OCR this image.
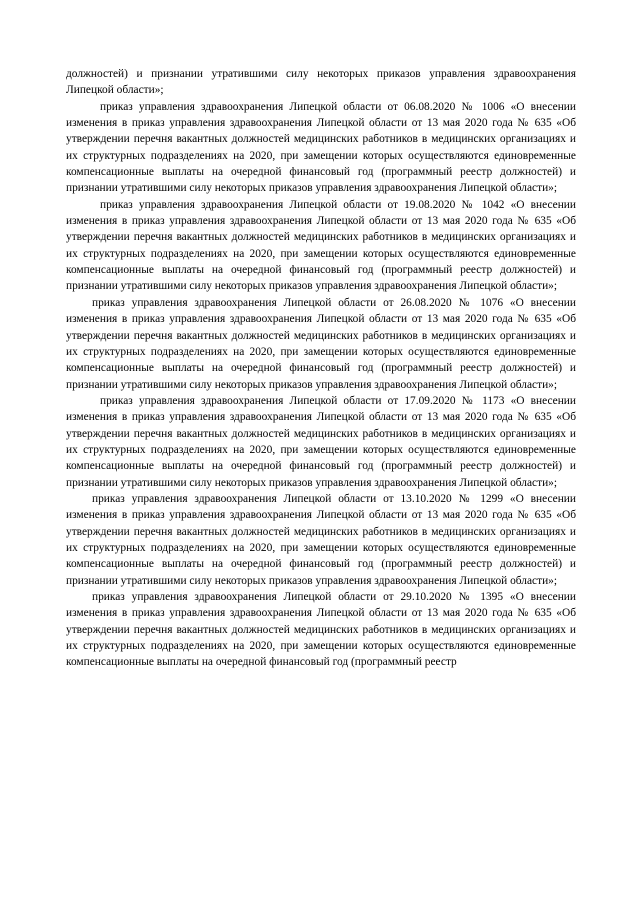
должностей) и признании утратившими силу некоторых приказов управления здравоохранения Липецкой области»;

приказ управления здравоохранения Липецкой области от 06.08.2020 № 1006 «О внесении изменения в приказ управления здравоохранения Липецкой области от 13 мая 2020 года № 635 «Об утверждении перечня вакантных должностей медицинских работников в медицинских организациях и их структурных подразделениях на 2020, при замещении которых осуществляются единовременные компенсационные выплаты на очередной финансовый год (программный реестр должностей) и признании утратившими силу некоторых приказов управления здравоохранения Липецкой области»;

приказ управления здравоохранения Липецкой области от 19.08.2020 № 1042 «О внесении изменения в приказ управления здравоохранения Липецкой области от 13 мая 2020 года № 635 «Об утверждении перечня вакантных должностей медицинских работников в медицинских организациях и их структурных подразделениях на 2020, при замещении которых осуществляются единовременные компенсационные выплаты на очередной финансовый год (программный реестр должностей) и признании утратившими силу некоторых приказов управления здравоохранения Липецкой области»;

приказ управления здравоохранения Липецкой области от 26.08.2020 № 1076 «О внесении изменения в приказ управления здравоохранения Липецкой области от 13 мая 2020 года № 635 «Об утверждении перечня вакантных должностей медицинских работников в медицинских организациях и их структурных подразделениях на 2020, при замещении которых осуществляются единовременные компенсационные выплаты на очередной финансовый год (программный реестр должностей) и признании утратившими силу некоторых приказов управления здравоохранения Липецкой области»;

приказ управления здравоохранения Липецкой области от 17.09.2020 № 1173 «О внесении изменения в приказ управления здравоохранения Липецкой области от 13 мая 2020 года № 635 «Об утверждении перечня вакантных должностей медицинских работников в медицинских организациях и их структурных подразделениях на 2020, при замещении которых осуществляются единовременные компенсационные выплаты на очередной финансовый год (программный реестр должностей) и признании утратившими силу некоторых приказов управления здравоохранения Липецкой области»;

приказ управления здравоохранения Липецкой области от 13.10.2020 № 1299 «О внесении изменения в приказ управления здравоохранения Липецкой области от 13 мая 2020 года № 635 «Об утверждении перечня вакантных должностей медицинских работников в медицинских организациях и их структурных подразделениях на 2020, при замещении которых осуществляются единовременные компенсационные выплаты на очередной финансовый год (программный реестр должностей) и признании утратившими силу некоторых приказов управления здравоохранения Липецкой области»;

приказ управления здравоохранения Липецкой области от 29.10.2020 № 1395 «О внесении изменения в приказ управления здравоохранения Липецкой области от 13 мая 2020 года № 635 «Об утверждении перечня вакантных должностей медицинских работников в медицинских организациях и их структурных подразделениях на 2020, при замещении которых осуществляются единовременные компенсационные выплаты на очередной финансовый год (программный реестр
